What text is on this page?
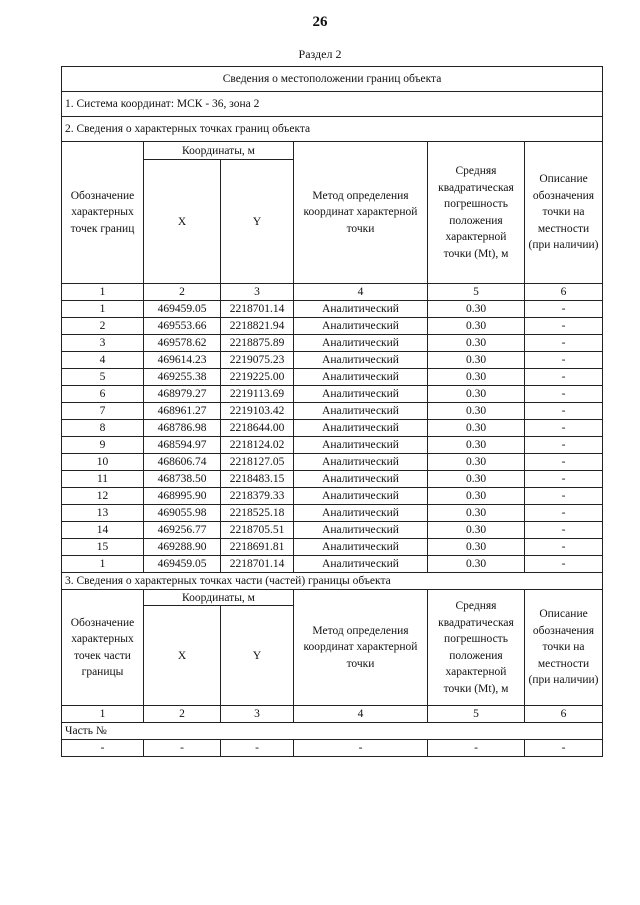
26
Раздел 2
Сведения о местоположении границ объекта					
1. Система координат: МСК - 36, зона 2					
2. Сведения о характерных точках границ объекта					
Обозначение характерных точек границ	Координаты, м		Метод определения координат характерной точки	Средняя квадратическая погрешность положения характерной точки (Mt), м	Описание обозначения точки на местности (при наличии)
	X	Y			
1	2	3	4	5	6
1	469459.05	2218701.14	Аналитический	0.30	-
2	469553.66	2218821.94	Аналитический	0.30	-
3	469578.62	2218875.89	Аналитический	0.30	-
4	469614.23	2219075.23	Аналитический	0.30	-
5	469255.38	2219225.00	Аналитический	0.30	-
6	468979.27	2219113.69	Аналитический	0.30	-
7	468961.27	2219103.42	Аналитический	0.30	-
8	468786.98	2218644.00	Аналитический	0.30	-
9	468594.97	2218124.02	Аналитический	0.30	-
10	468606.74	2218127.05	Аналитический	0.30	-
11	468738.50	2218483.15	Аналитический	0.30	-
12	468995.90	2218379.33	Аналитический	0.30	-
13	469055.98	2218525.18	Аналитический	0.30	-
14	469256.77	2218705.51	Аналитический	0.30	-
15	469288.90	2218691.81	Аналитический	0.30	-
1	469459.05	2218701.14	Аналитический	0.30	-
3. Сведения о характерных точках части (частей) границы объекта					
Обозначение характерных точек части границы	Координаты, м		Метод определения координат характерной точки	Средняя квадратическая погрешность положения характерной точки (Mt), м	Описание обозначения точки на местности (при наличии)
	X	Y			
1	2	3	4	5	6
Часть №					
-	-	-	-	-	-
